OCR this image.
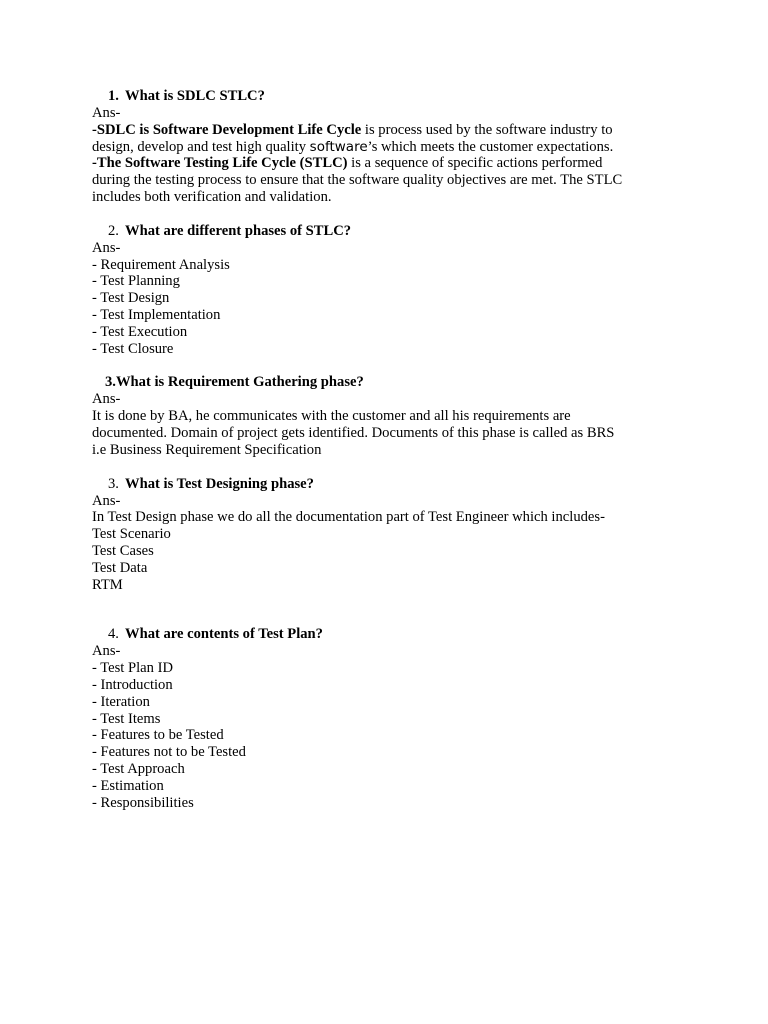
1. What is SDLC STLC?
Ans-
-SDLC is Software Development Life Cycle is process used by the software industry to
design, develop and test high quality software’s which meets the customer expectations.
-The Software Testing Life Cycle (STLC) is a sequence of specific actions performed
during the testing process to ensure that the software quality objectives are met. The STLC
includes both verification and validation.
2. What are different phases of STLC?
Ans-
- Requirement Analysis
- Test Planning
- Test Design
- Test Implementation
- Test Execution
- Test Closure
3.What is Requirement Gathering phase?
Ans-
It is done by BA, he communicates with the customer and all his requirements are
documented. Domain of project gets identified. Documents of this phase is called as BRS
i.e Business Requirement Specification
3. What is Test Designing phase?
Ans-
In Test Design phase we do all the documentation part of Test Engineer which includes-
Test Scenario
Test Cases
Test Data
RTM
4. What are contents of Test Plan?
Ans-
- Test Plan ID
- Introduction
- Iteration
- Test Items
- Features to be Tested
- Features not to be Tested
- Test Approach
- Estimation
- Responsibilities
